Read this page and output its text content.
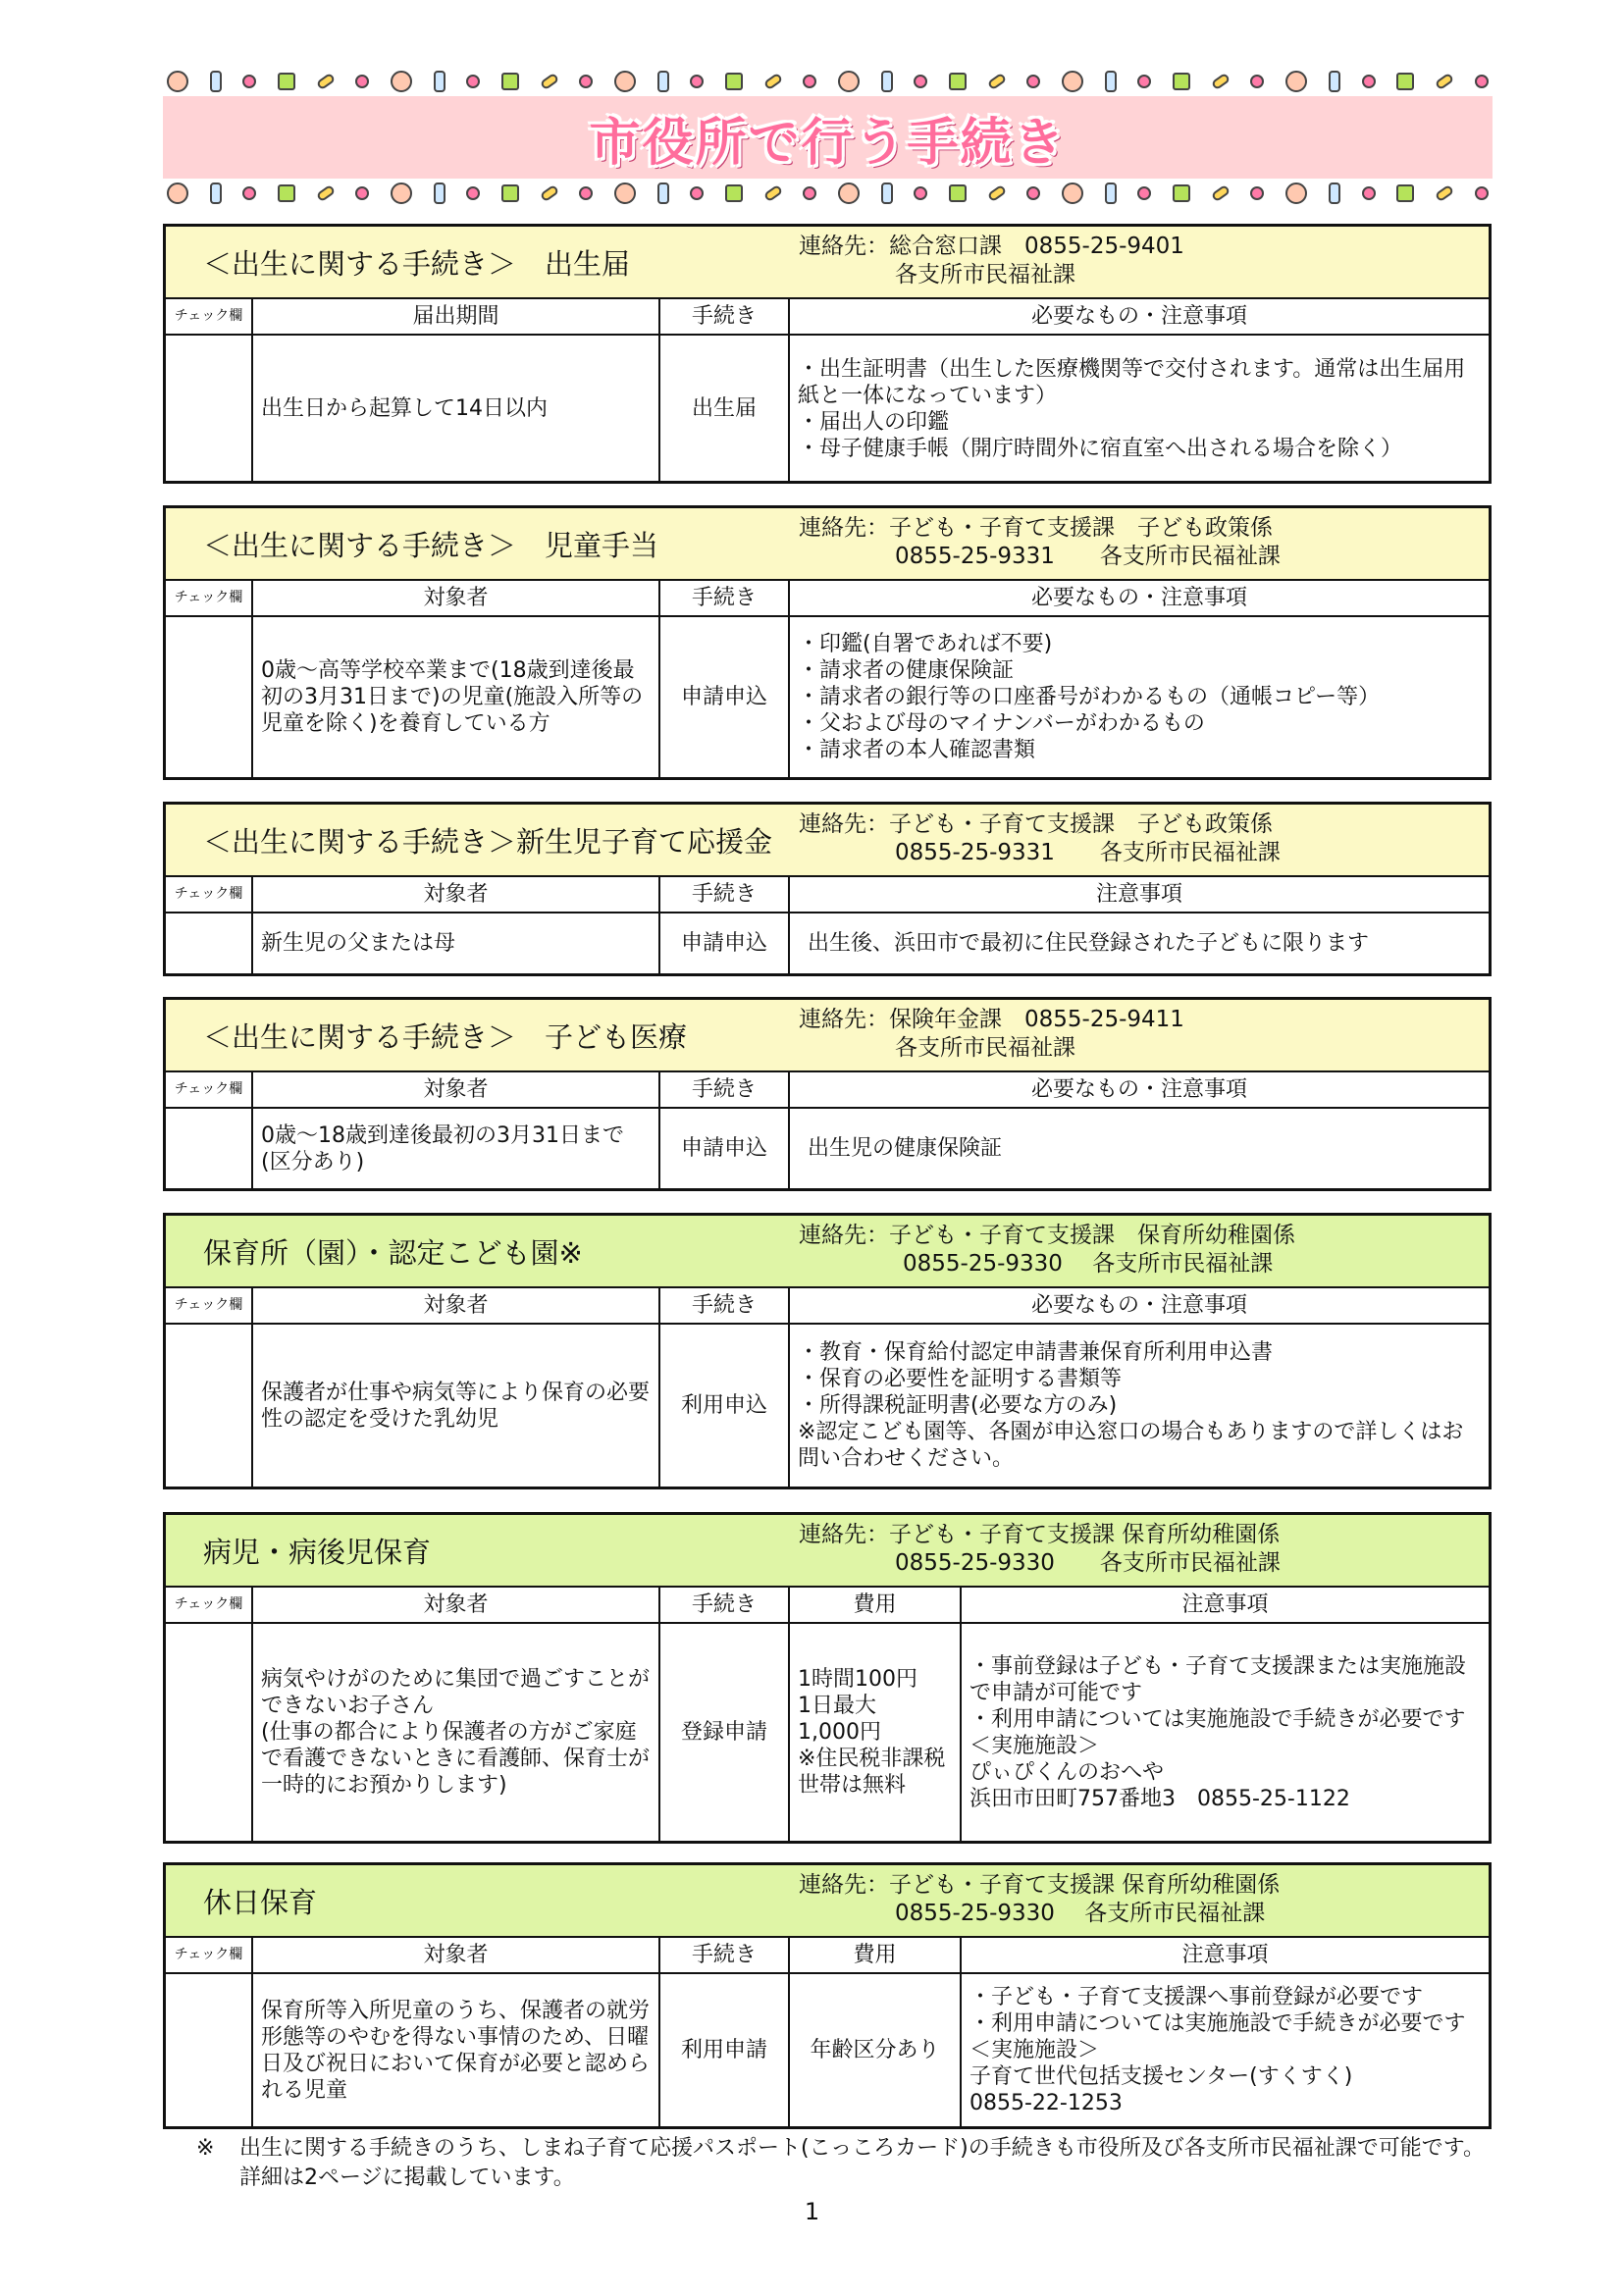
市役所で行う手続き
＜出生に関する手続き＞　出生届
連絡先：総合窓口課　0855-25-9401
各支所市民福祉課
チェック欄	届出期間	手続き	必要なもの・注意事項
	出生日から起算して14日以内	出生届	・出生証明書（出生した医療機関等で交付されます。通常は出生届用紙と一体になっています）
・届出人の印鑑
・母子健康手帳（開庁時間外に宿直室へ出される場合を除く）
＜出生に関する手続き＞　児童手当
連絡先：子ども・子育て支援課　子ども政策係
0855-25-9331　　各支所市民福祉課
チェック欄	対象者	手続き	必要なもの・注意事項
	0歳～高等学校卒業まで(18歳到達後最初の3月31日まで)の児童(施設入所等の児童を除く)を養育している方	申請申込	・印鑑(自署であれば不要)
・請求者の健康保険証
・請求者の銀行等の口座番号がわかるもの（通帳コピー等）
・父および母のマイナンバーがわかるもの
・請求者の本人確認書類
＜出生に関する手続き＞新生児子育て応援金
連絡先：子ども・子育て支援課　子ども政策係
0855-25-9331　　各支所市民福祉課
チェック欄	対象者	手続き	注意事項
	新生児の父または母	申請申込	出生後、浜田市で最初に住民登録された子どもに限ります
＜出生に関する手続き＞　子ども医療
連絡先：保険年金課　0855-25-9411
各支所市民福祉課
チェック欄	対象者	手続き	必要なもの・注意事項
	0歳～18歳到達後最初の3月31日まで(区分あり)	申請申込	出生児の健康保険証
保育所（園）・認定こども園※
連絡先：子ども・子育て支援課　保育所幼稚園係
0855-25-9330　 各支所市民福祉課
チェック欄	対象者	手続き	必要なもの・注意事項
	保護者が仕事や病気等により保育の必要性の認定を受けた乳幼児	利用申込	・教育・保育給付認定申請書兼保育所利用申込書
・保育の必要性を証明する書類等
・所得課税証明書(必要な方のみ)
※認定こども園等、各園が申込窓口の場合もありますので詳しくはお問い合わせください。
病児・病後児保育
連絡先：子ども・子育て支援課 保育所幼稚園係
0855-25-9330　　各支所市民福祉課
チェック欄	対象者	手続き	費用	注意事項
	病気やけがのために集団で過ごすことができないお子さん
(仕事の都合により保護者の方がご家庭で看護できないときに看護師、保育士が一時的にお預かりします)	登録申請	1時間100円
1日最大
1,000円
※住民税非課税世帯は無料	・事前登録は子ども・子育て支援課または実施施設で申請が可能です
・利用申請については実施施設で手続きが必要です
＜実施施設＞
ぴぃぴくんのおへや
浜田市田町757番地3　0855-25-1122
休日保育
連絡先：子ども・子育て支援課 保育所幼稚園係
0855-25-9330　 各支所市民福祉課
チェック欄	対象者	手続き	費用	注意事項
	保育所等入所児童のうち、保護者の就労形態等のやむを得ない事情のため、日曜日及び祝日において保育が必要と認められる児童	利用申請	年齢区分あり	・子ども・子育て支援課へ事前登録が必要です
・利用申請については実施施設で手続きが必要です
＜実施施設＞
子育て世代包括支援センター(すくすく)
0855-22-1253
※ 出生に関する手続きのうち、しまね子育て応援パスポート(こっころカード)の手続きも市役所及び各支所市民福祉課で可能です。詳細は2ページに掲載しています。
1
